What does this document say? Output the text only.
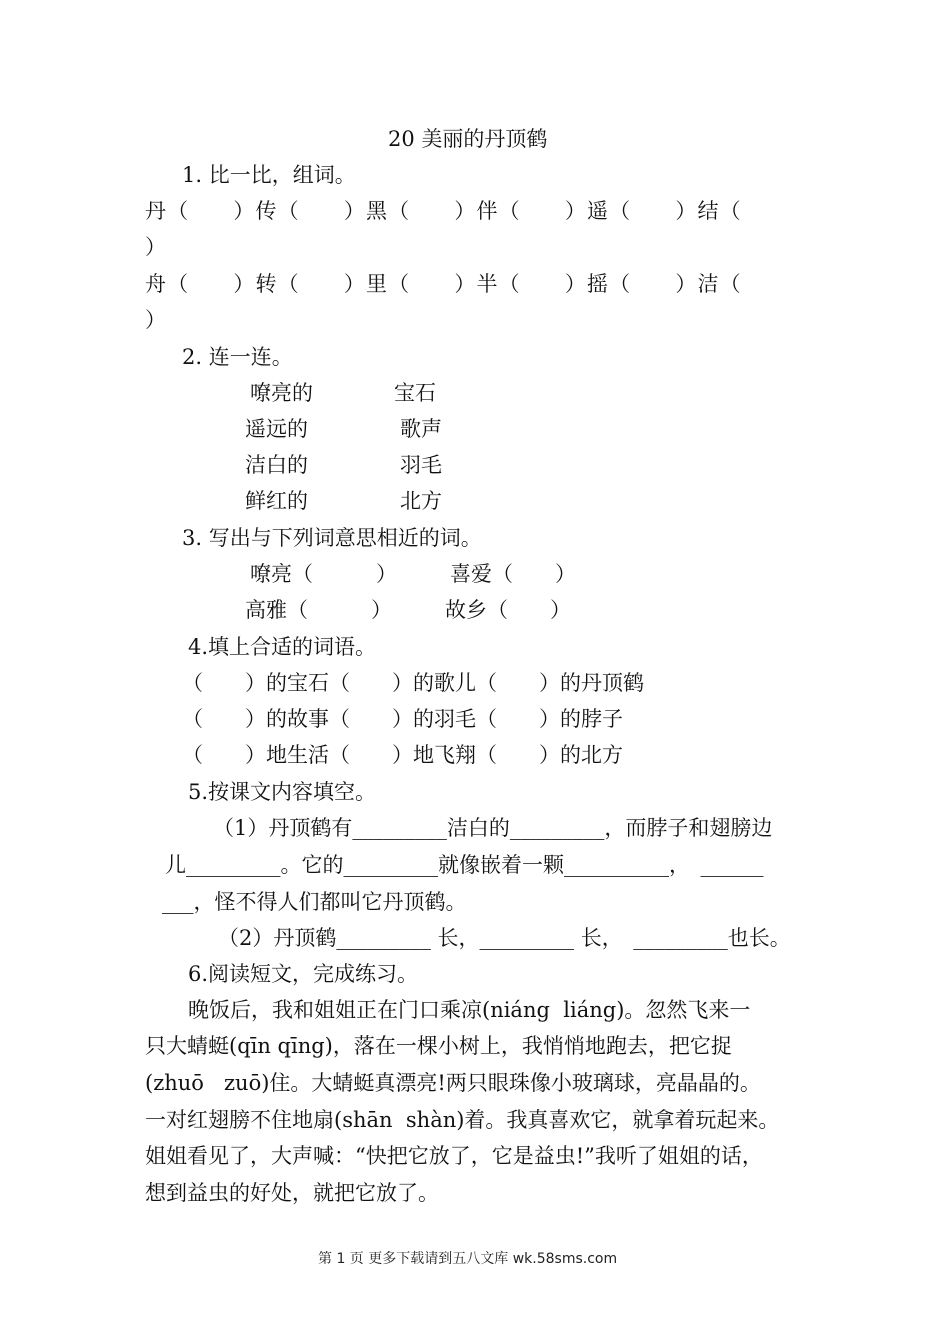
20 美丽的丹顶鹤
1. 比一比，组词。
丹（　　）传（　　）黑（　　）伴（　　）遥（　　）结（
）
舟（　　）转（　　）里（　　）半（　　）摇（　　）洁（
）
2. 连一连。
嘹亮的	宝石
遥远的	歌声
洁白的	羽毛
鲜红的	北方
3. 写出与下列词意思相近的词。
嘹亮（　　　）	喜爱（　　）
高雅（　　　）	故乡（　　）
4.填上合适的词语。
（　　）的宝石（　　）的歌儿（　　）的丹顶鹤
（　　）的故事（　　）的羽毛（　　）的脖子
（　　）地生活（　　）地飞翔（　　）的北方
5.按课文内容填空。
（1）丹顶鹤有_________洁白的_________，而脖子和翅膀边
儿_________。它的_________就像嵌着一颗__________，　______
___，怪不得人们都叫它丹顶鹤。
（2）丹顶鹤_________ 长，_________ 长，　_________也长。
6.阅读短文，完成练习。
晚饭后，我和姐姐正在门口乘凉(niáng  liáng)。忽然飞来一
只大蜻蜓(qīn qīng)，落在一棵小树上，我悄悄地跑去，把它捉
(zhuō   zuō)住。大蜻蜓真漂亮!两只眼珠像小玻璃球，亮晶晶的。
一对红翅膀不住地扇(shān  shàn)着。我真喜欢它，就拿着玩起来。
姐姐看见了，大声喊：“快把它放了，它是益虫!”我听了姐姐的话，
想到益虫的好处，就把它放了。
第 1 页 更多下载请到五八文库 wk.58sms.com
